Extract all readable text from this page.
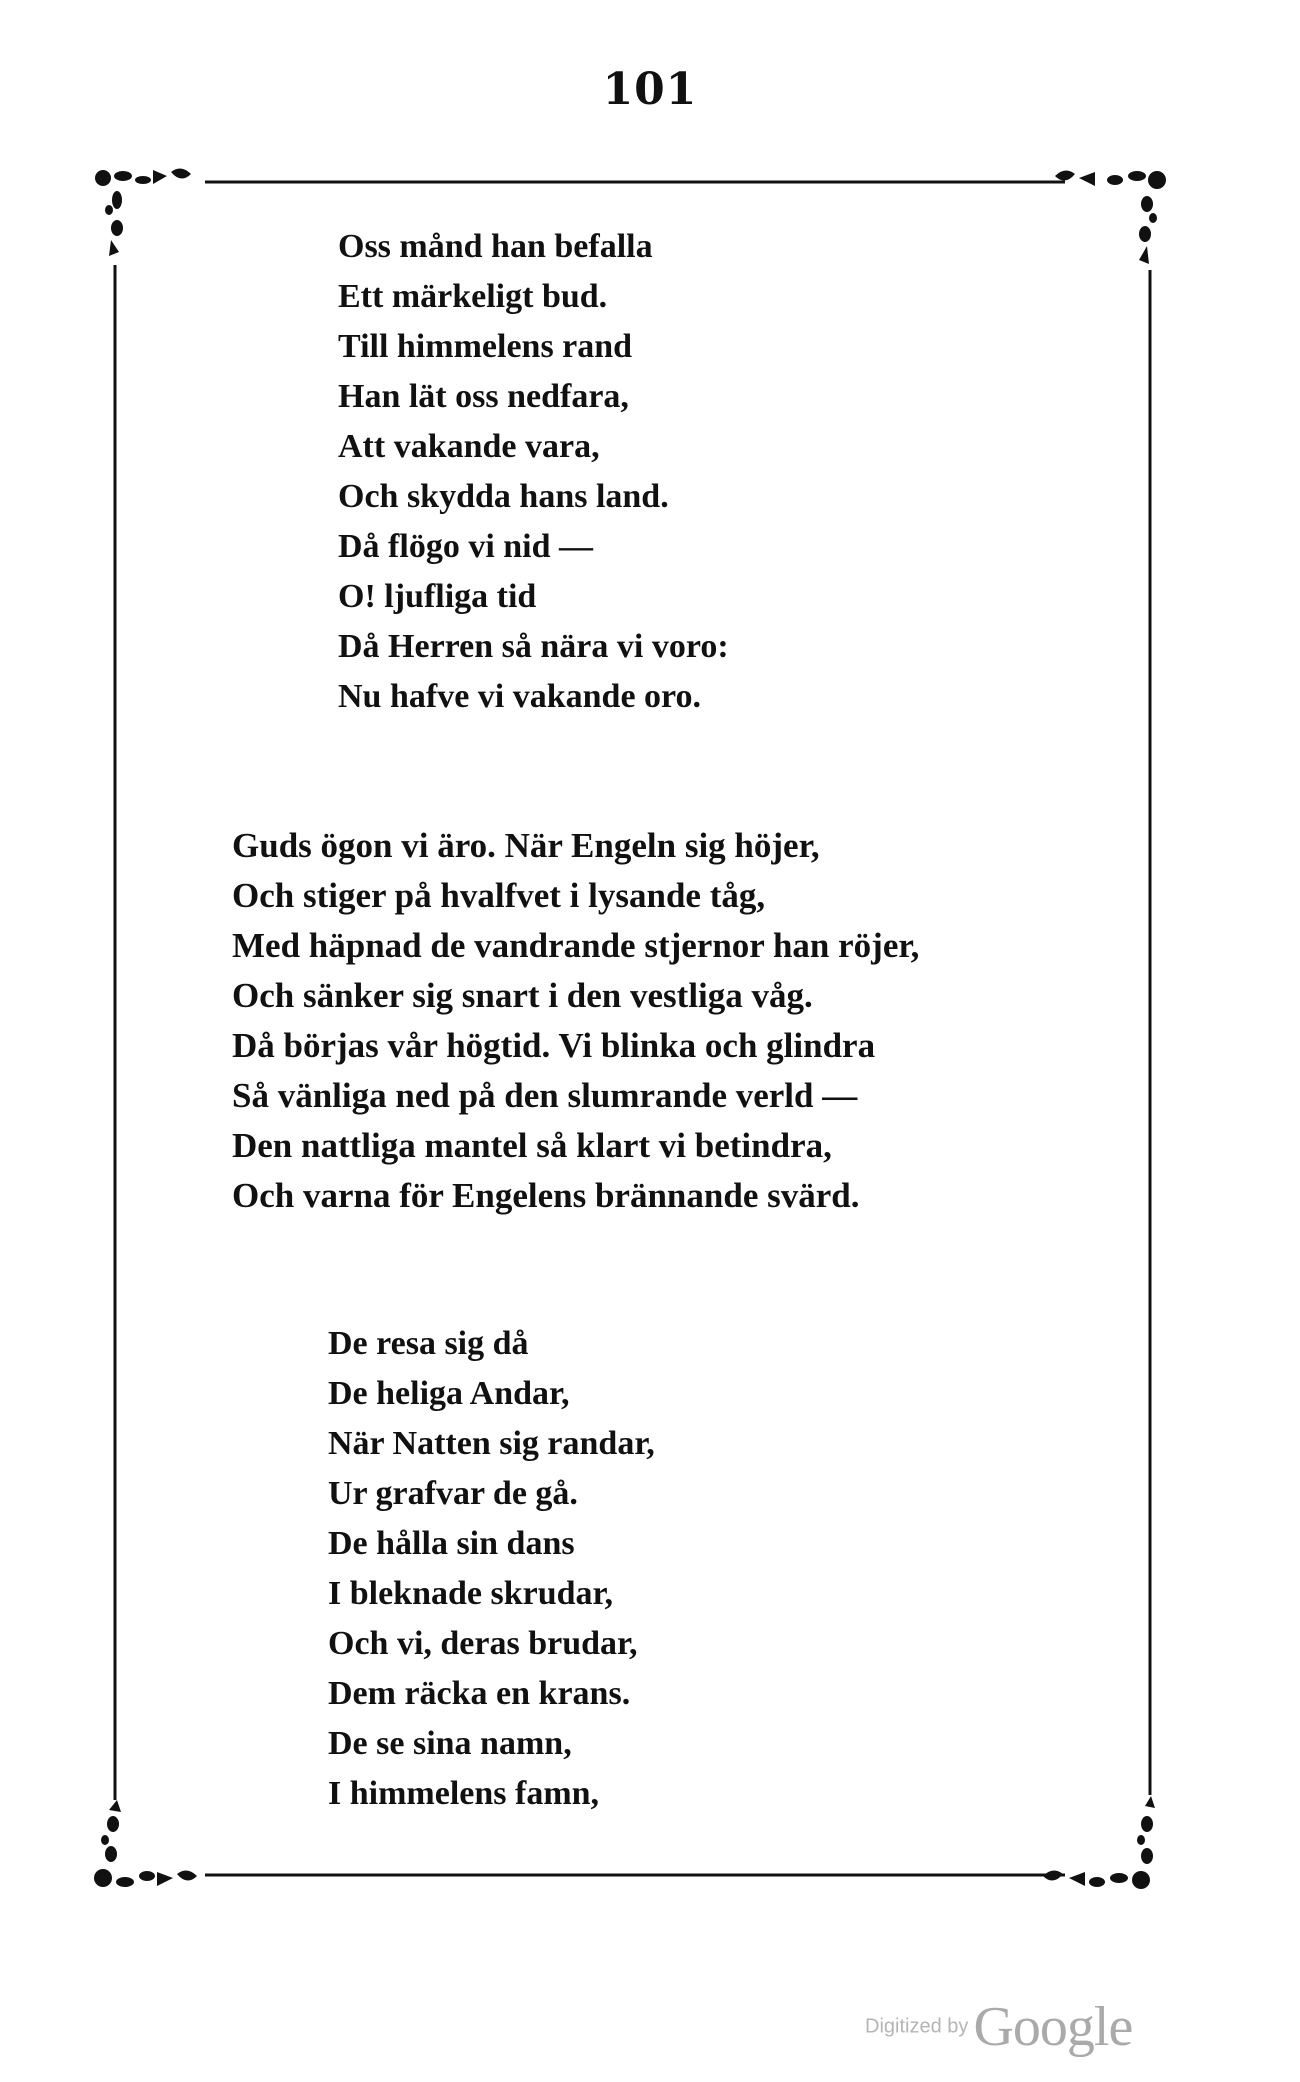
101
Oss månd han befalla
Ett märkeligt bud.
Till himmelens rand
Han lät oss nedfara,
Att vakande vara,
Och skydda hans land.
Då flögo vi nid —
O! ljufliga tid
Då Herren så nära vi voro:
Nu hafve vi vakande oro.
Guds ögon vi äro. När Engeln sig höjer,
Och stiger på hvalfvet i lysande tåg,
Med häpnad de vandrande stjernor han röjer,
Och sänker sig snart i den vestliga våg.
Då börjas vår högtid. Vi blinka och glindra
Så vänliga ned på den slumrande verld —
Den nattliga mantel så klart vi betindra,
Och varna för Engelens brännande svärd.
De resa sig då
De heliga Andar,
När Natten sig randar,
Ur grafvar de gå.
De hålla sin dans
I bleknade skrudar,
Och vi, deras brudar,
Dem räcka en krans.
De se sina namn,
I himmelens famn,
Digitized by Google
